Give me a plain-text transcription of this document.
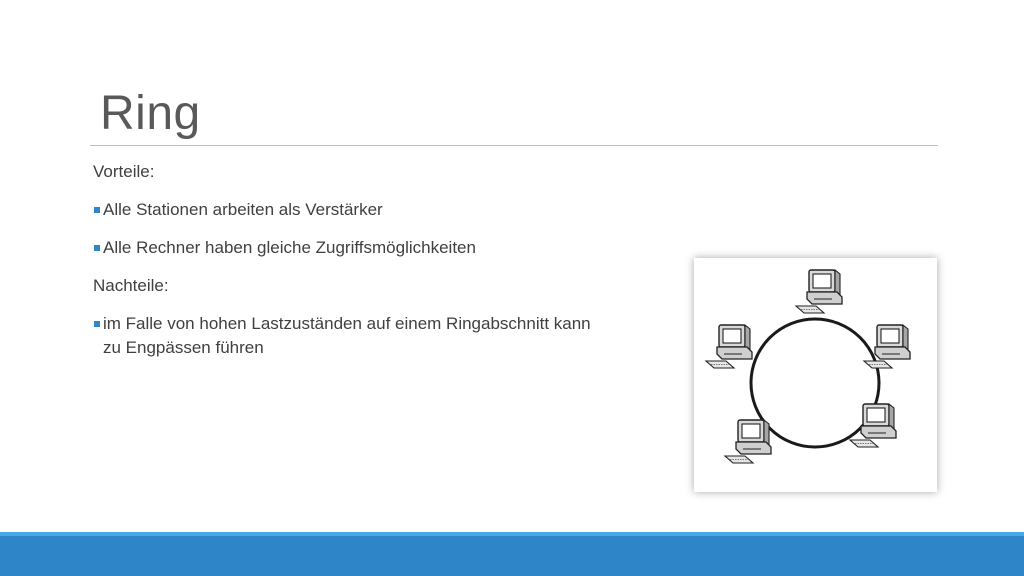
Ring

Vorteile:

Alle Stationen arbeiten als Verstärker
Alle Rechner haben gleiche Zugriffsmöglichkeiten

Nachteile:

im Falle von hohen Lastzuständen auf einem Ringabschnitt kann zu Engpässen führen
